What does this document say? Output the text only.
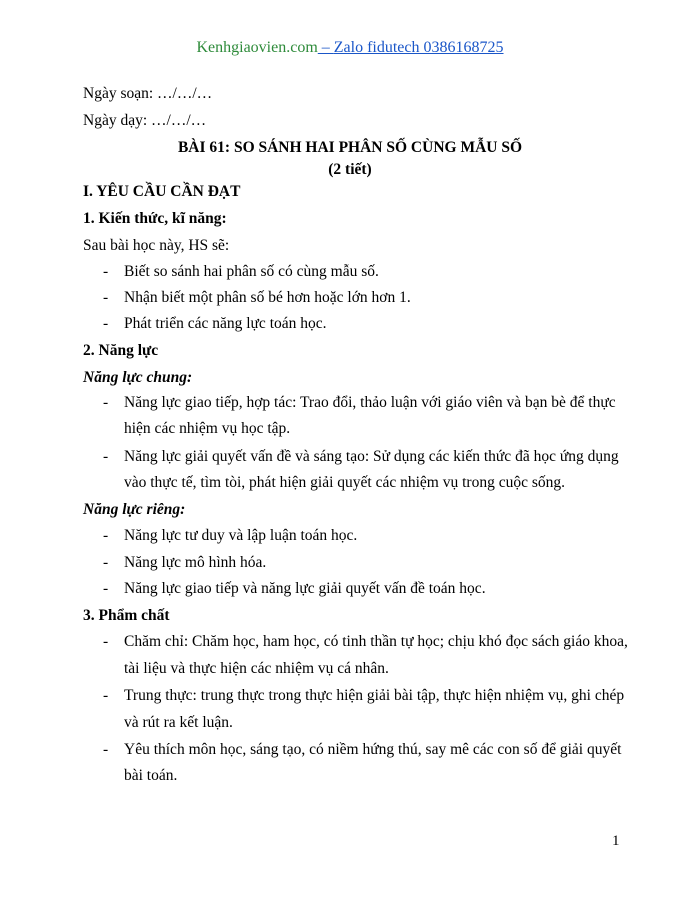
Kenhgiaovien.com – Zalo fidutech 0386168725
Ngày soạn: …/…/…
Ngày dạy: …/…/…
BÀI 61: SO SÁNH HAI PHÂN SỐ CÙNG MẪU SỐ
(2 tiết)
I. YÊU CẦU CẦN ĐẠT
1. Kiến thức, kĩ năng:
Sau bài học này, HS sẽ:
- Biết so sánh hai phân số có cùng mẫu số.
- Nhận biết một phân số bé hơn hoặc lớn hơn 1.
- Phát triển các năng lực toán học.
2. Năng lực
Năng lực chung:
- Năng lực giao tiếp, hợp tác: Trao đổi, thảo luận với giáo viên và bạn bè để thực
hiện các nhiệm vụ học tập.
- Năng lực giải quyết vấn đề và sáng tạo: Sử dụng các kiến thức đã học ứng dụng
vào thực tế, tìm tòi, phát hiện giải quyết các nhiệm vụ trong cuộc sống.
Năng lực riêng:
- Năng lực tư duy và lập luận toán học.
- Năng lực mô hình hóa.
- Năng lực giao tiếp và năng lực giải quyết vấn đề toán học.
3. Phẩm chất
- Chăm chỉ: Chăm học, ham học, có tinh thần tự học; chịu khó đọc sách giáo khoa,
tài liệu và thực hiện các nhiệm vụ cá nhân.
- Trung thực: trung thực trong thực hiện giải bài tập, thực hiện nhiệm vụ, ghi chép
và rút ra kết luận.
- Yêu thích môn học, sáng tạo, có niềm hứng thú, say mê các con số để giải quyết
bài toán.
1
